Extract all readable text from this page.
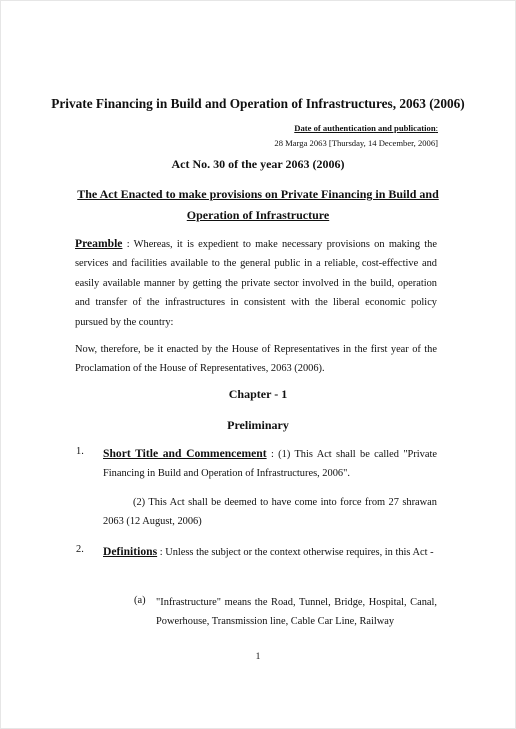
Private Financing in Build and Operation of Infrastructures, 2063 (2006)
Date of authentication and publication:
28 Marga 2063 [Thursday, 14 December, 2006]
Act No. 30 of the year 2063 (2006)
The Act Enacted to make provisions on Private Financing in Build and Operation of Infrastructure
Preamble : Whereas, it is expedient to make necessary provisions on making the services and facilities available to the general public in a reliable, cost-effective and easily available manner by getting the private sector involved in the build, operation and transfer of the infrastructures in consistent with the liberal economic policy pursued by the country:
Now, therefore, be it enacted by the House of Representatives in the first year of the Proclamation of the House of Representatives, 2063 (2006).
Chapter - 1
Preliminary
1. Short Title and Commencement : (1) This Act shall be called "Private Financing in Build and Operation of Infrastructures, 2006".
(2) This Act shall be deemed to have come into force from 27 shrawan 2063 (12 August, 2006)
2. Definitions : Unless the subject or the context otherwise requires, in this Act -
(a) "Infrastructure" means the Road, Tunnel, Bridge, Hospital, Canal, Powerhouse, Transmission line, Cable Car Line, Railway
1
